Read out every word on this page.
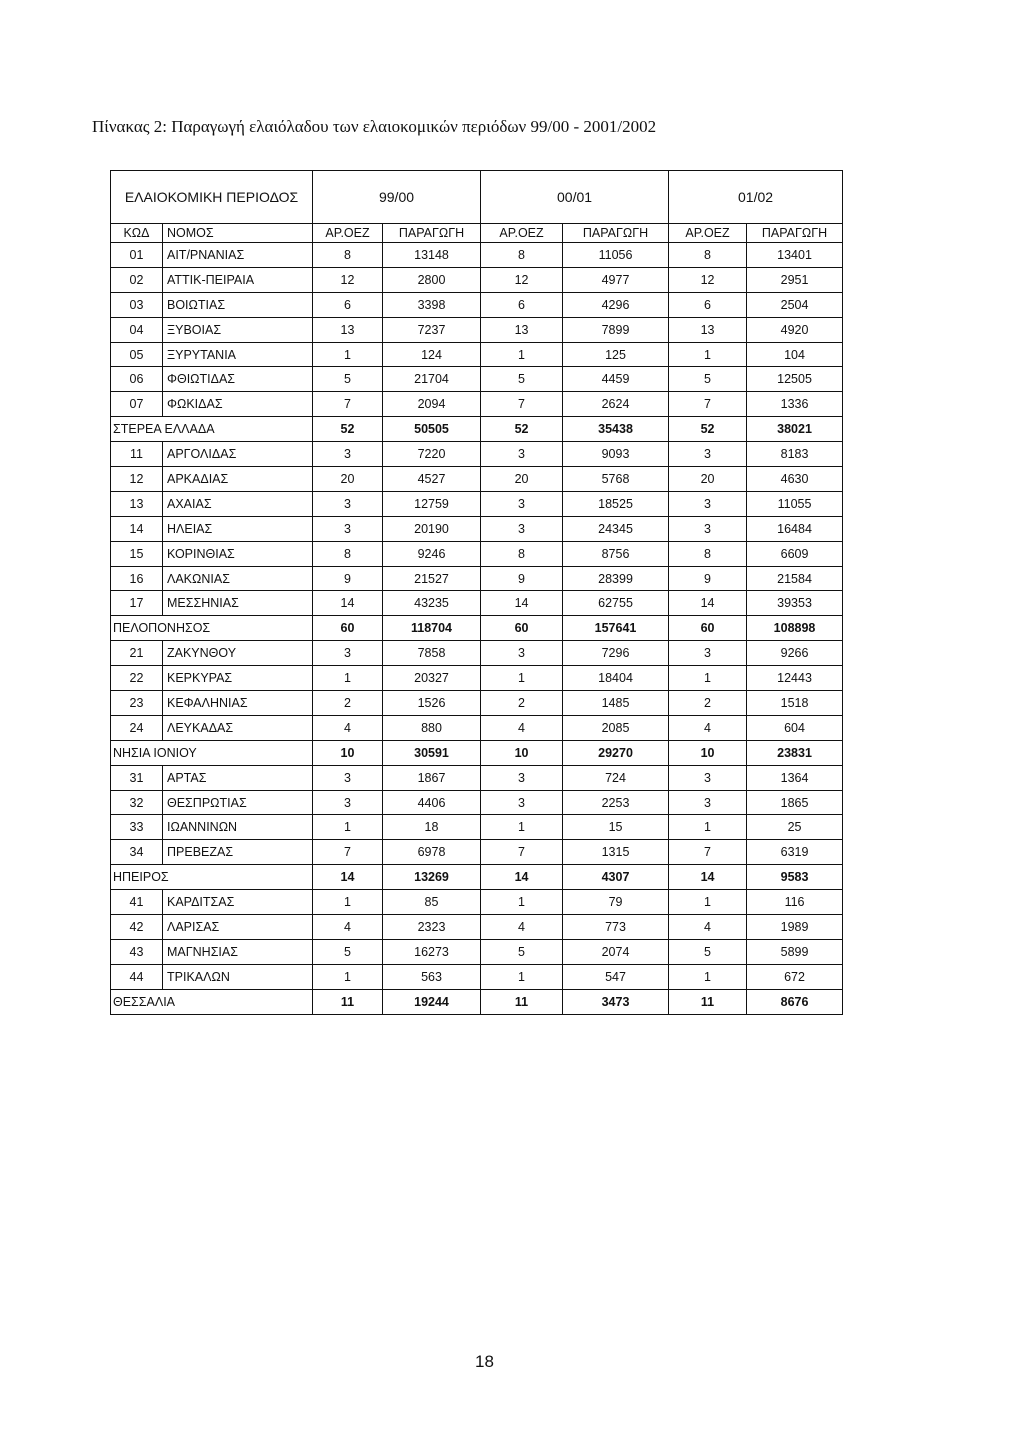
Πίνακας 2: Παραγωγή ελαιόλαδου των ελαιοκομικών περιόδων 99/00 - 2001/2002
ΕΛΑΙΟΚΟΜΙΚΗ ΠΕΡΙΟΔΟΣ		99/00		00/01		01/02	
ΚΩΔ	ΝΟΜΟΣ	ΑΡ.ΟΕΖ	ΠΑΡΑΓΩΓΗ	ΑΡ.ΟΕΖ	ΠΑΡΑΓΩΓΗ	ΑΡ.ΟΕΖ	ΠΑΡΑΓΩΓΗ
01	ΑΙΤ/ΡΝΑΝΙΑΣ	8	13148	8	11056	8	13401
02	ΑΤΤΙΚ-ΠΕΙΡΑΙΑ	12	2800	12	4977	12	2951
03	ΒΟΙΩΤΙΑΣ	6	3398	6	4296	6	2504
04	ΞΥΒΟΙΑΣ	13	7237	13	7899	13	4920
05	ΞΥΡΥΤΑΝΙΑ	1	124	1	125	1	104
06	ΦΘΙΩΤΙΔΑΣ	5	21704	5	4459	5	12505
07	ΦΩΚΙΔΑΣ	7	2094	7	2624	7	1336
ΣΤΕΡΕΑ ΕΛΛΑΔΑ		52	50505	52	35438	52	38021
11	ΑΡΓΟΛΙΔΑΣ	3	7220	3	9093	3	8183
12	ΑΡΚΑΔΙΑΣ	20	4527	20	5768	20	4630
13	ΑΧΑΙΑΣ	3	12759	3	18525	3	11055
14	ΗΛΕΙΑΣ	3	20190	3	24345	3	16484
15	ΚΟΡΙΝΘΙΑΣ	8	9246	8	8756	8	6609
16	ΛΑΚΩΝΙΑΣ	9	21527	9	28399	9	21584
17	ΜΕΣΣΗΝΙΑΣ	14	43235	14	62755	14	39353
ΠΕΛΟΠΟΝΗΣΟΣ		60	118704	60	157641	60	108898
21	ΖΑΚΥΝΘΟΥ	3	7858	3	7296	3	9266
22	ΚΕΡΚΥΡΑΣ	1	20327	1	18404	1	12443
23	ΚΕΦΑΛΗΝΙΑΣ	2	1526	2	1485	2	1518
24	ΛΕΥΚΑΔΑΣ	4	880	4	2085	4	604
ΝΗΣΙΑ ΙΟΝΙΟΥ		10	30591	10	29270	10	23831
31	ΑΡΤΑΣ	3	1867	3	724	3	1364
32	ΘΕΣΠΡΩΤΙΑΣ	3	4406	3	2253	3	1865
33	ΙΩΑΝΝΙΝΩΝ	1	18	1	15	1	25
34	ΠΡΕΒΕΖΑΣ	7	6978	7	1315	7	6319
ΗΠΕΙΡΟΣ		14	13269	14	4307	14	9583
41	ΚΑΡΔΙΤΣΑΣ	1	85	1	79	1	116
42	ΛΑΡΙΣΑΣ	4	2323	4	773	4	1989
43	ΜΑΓΝΗΣΙΑΣ	5	16273	5	2074	5	5899
44	ΤΡΙΚΑΛΩΝ	1	563	1	547	1	672
ΘΕΣΣΑΛΙΑ		11	19244	11	3473	11	8676
18
